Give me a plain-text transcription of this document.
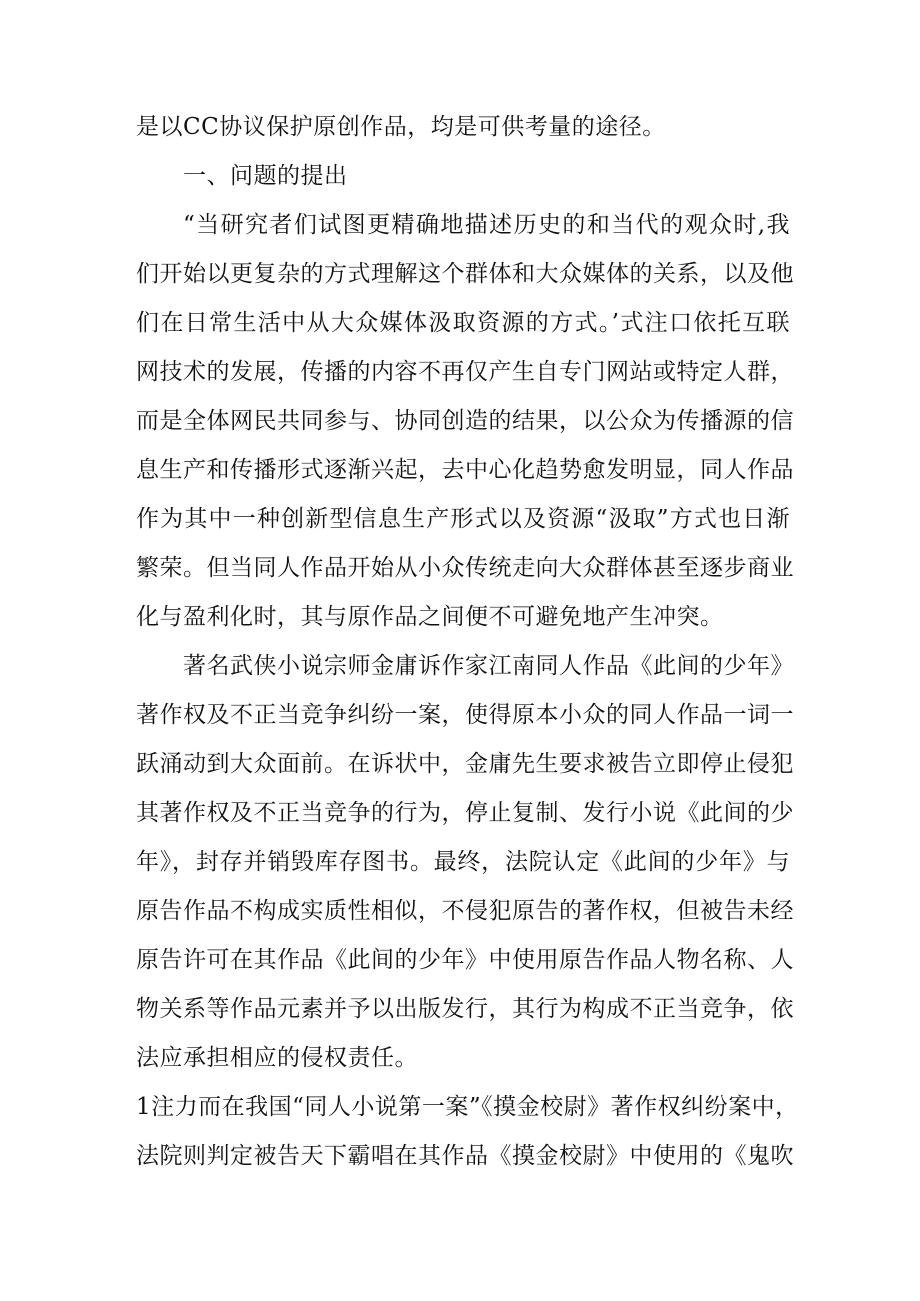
是以CC协议保护原创作品，均是可供考量的途径。
一、问题的提出
“当研究者们试图更精确地描述历史的和当代的观众时,我
们开始以更复杂的方式理解这个群体和大众媒体的关系，以及他
们在日常生活中从大众媒体汲取资源的方式。’式注口依托互联
网技术的发展，传播的内容不再仅产生自专门网站或特定人群，
而是全体网民共同参与、协同创造的结果，以公众为传播源的信
息生产和传播形式逐渐兴起，去中心化趋势愈发明显，同人作品
作为其中一种创新型信息生产形式以及资源“汲取”方式也日渐
繁荣。但当同人作品开始从小众传统走向大众群体甚至逐步商业
化与盈利化时，其与原作品之间便不可避免地产生冲突。
著名武侠小说宗师金庸诉作家江南同人作品《此间的少年》
著作权及不正当竞争纠纷一案，使得原本小众的同人作品一词一
跃涌动到大众面前。在诉状中，金庸先生要求被告立即停止侵犯
其著作权及不正当竞争的行为，停止复制、发行小说《此间的少
年》，封存并销毁库存图书。最终，法院认定《此间的少年》与
原告作品不构成实质性相似，不侵犯原告的著作权，但被告未经
原告许可在其作品《此间的少年》中使用原告作品人物名称、人
物关系等作品元素并予以出版发行，其行为构成不正当竞争，依
法应承担相应的侵权责任。
1注力而在我国“同人小说第一案”《摸金校尉》著作权纠纷案中，
法院则判定被告天下霸唱在其作品《摸金校尉》中使用的《鬼吹
